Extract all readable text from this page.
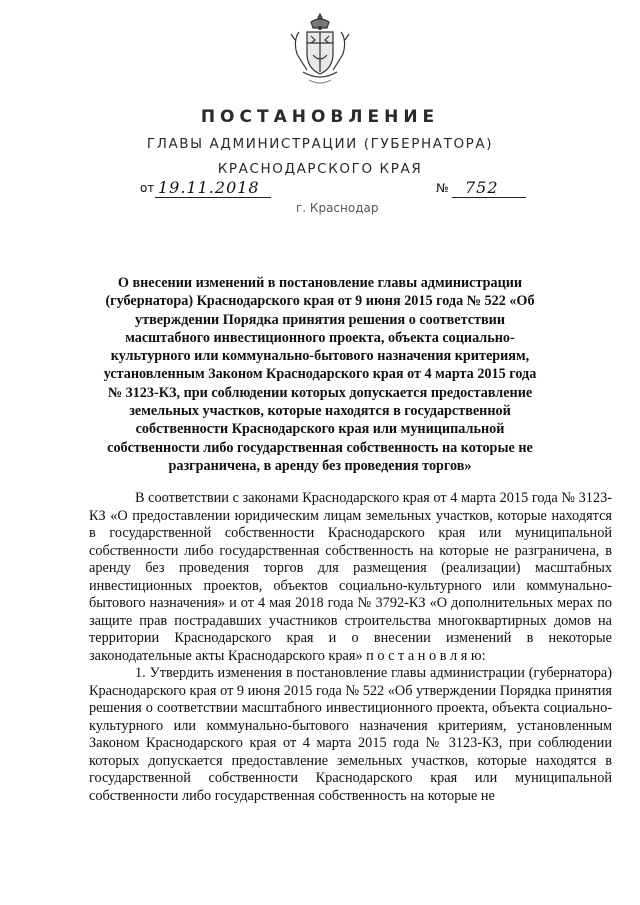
ПОСТАНОВЛЕНИЕ
ГЛАВЫ АДМИНИСТРАЦИИ (ГУБЕРНАТОРА)
КРАСНОДАРСКОГО КРАЯ
от 19.11.2018	№ 752
г. Краснодар
О внесении изменений в постановление главы администрации (губернатора) Краснодарского края от 9 июня 2015 года № 522 «Об утверждении Порядка принятия решения о соответствии масштабного инвестиционного проекта, объекта социально-культурного или коммунально-бытового назначения критериям, установленным Законом Краснодарского края от 4 марта 2015 года № 3123-КЗ, при соблюдении которых допускается предоставление земельных участков, которые находятся в государственной собственности Краснодарского края или муниципальной собственности либо государственная собственность на которые не разграничена, в аренду без проведения торгов»

В соответствии с законами Краснодарского края от 4 марта 2015 года № 3123-КЗ «О предоставлении юридическим лицам земельных участков, которые находятся в государственной собственности Краснодарского края или муниципальной собственности либо государственная собственность на которые не разграничена, в аренду без проведения торгов для размещения (реализации) масштабных инвестиционных проектов, объектов социально-культурного или коммунально-бытового назначения» и от 4 мая 2018 года № 3792-КЗ «О дополнительных мерах по защите прав пострадавших участников строительства многоквартирных домов на территории Краснодарского края и о внесении изменений в некоторые законодательные акты Краснодарского края» п о с т а н о в л я ю:

1. Утвердить изменения в постановление главы администрации (губернатора) Краснодарского края от 9 июня 2015 года № 522 «Об утверждении Порядка принятия решения о соответствии масштабного инвестиционного проекта, объекта социально-культурного или коммунально-бытового назначения критериям, установленным Законом Краснодарского края от 4 марта 2015 года № 3123-КЗ, при соблюдении которых допускается предоставление земельных участков, которые находятся в государственной собственности Краснодарского края или муниципальной собственности либо государственная собственность на которые не
